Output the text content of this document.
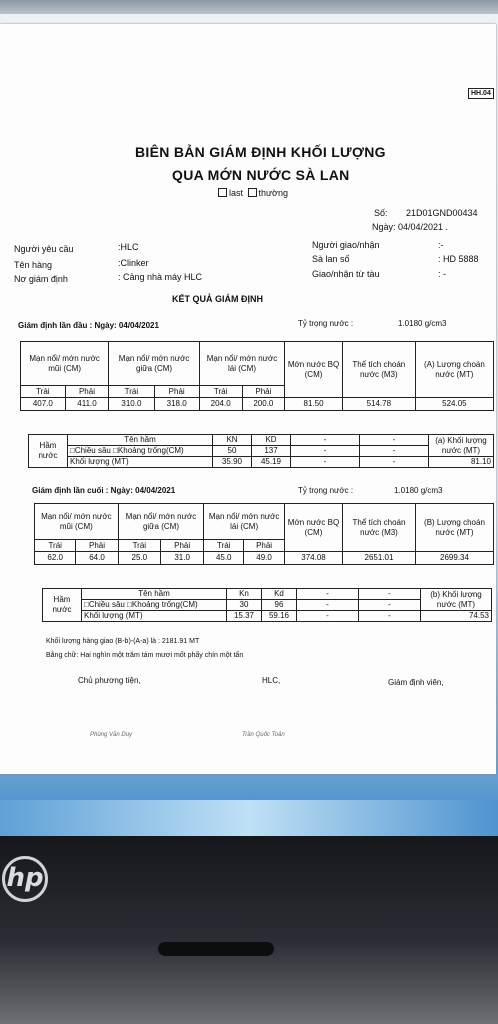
HH.04
BIÊN BẢN GIÁM ĐỊNH KHỐI LƯỢNG
QUA MỚN NƯỚC SÀ LAN
last thường
Số: 21D01GND00434
Ngày: 04/04/2021 .
Người yêu cầu	:HLC
Tên hàng	:Clinker
Nơ giám định	: Cảng nhà máy HLC
Người giao/nhận	:-
Sà lan số	: HD 5888
Giao/nhận từ tàu	: -
KẾT QUẢ GIÁM ĐỊNH
Giám định lần đầu : Ngày: 04/04/2021	Tỷ trọng nước :	1.0180 g/cm3
Mạn nổi/ mớn nước mũi (CM)		Mạn nổi/ mớn nước giữa (CM)		Mạn nổi/ mớn nước lái (CM)		Mớn nước BQ (CM)	Thể tích choán nước (M3)	(A) Lượng choán nước (MT)
Trái	Phải	Trái	Phải	Trái	Phải			
407.0	411.0	310.0	318.0	204.0	200.0	81.50	514.78	524.05
Hầm nước	Tên hầm	KN	KD	-	-	(a) Khối lượng nước (MT)
	□Chiều sâu □Khoảng trống(CM)	50	137	-	-	
	Khối lượng (MT)	35.90	45.19	-	-	81.10
Giám định lần cuối : Ngày: 04/04/2021	Tỷ trọng nước :	1.0180 g/cm3
Mạn nổi/ mớn nước mũi (CM)		Mạn nổi/ mớn nước giữa (CM)		Mạn nổi/ mớn nước lái (CM)		Mớn nước BQ (CM)	Thể tích choán nước (M3)	(B) Lượng choán nước (MT)
Trái	Phải	Trái	Phải	Trái	Phải			
62.0	64.0	25.0	31.0	45.0	49.0	374.08	2651.01	2699.34
Hầm nước	Tên hầm	Kn	Kd	-	-	(b) Khối lượng nước (MT)
	□Chiều sâu □Khoảng trống(CM)	30	96	-	-	
	Khối lượng (MT)	15.37	59.16	-	-	74.53
Khối lượng hàng giao (B-b)-(A-a) là : 2181.91 MT
Bằng chữ: Hai nghìn một trăm tám mươi mốt phẩy chín một tấn
Chủ phương tiện,	HLC,	Giám định viên,
Phùng Văn Duy	Trần Quốc Toản
hp
